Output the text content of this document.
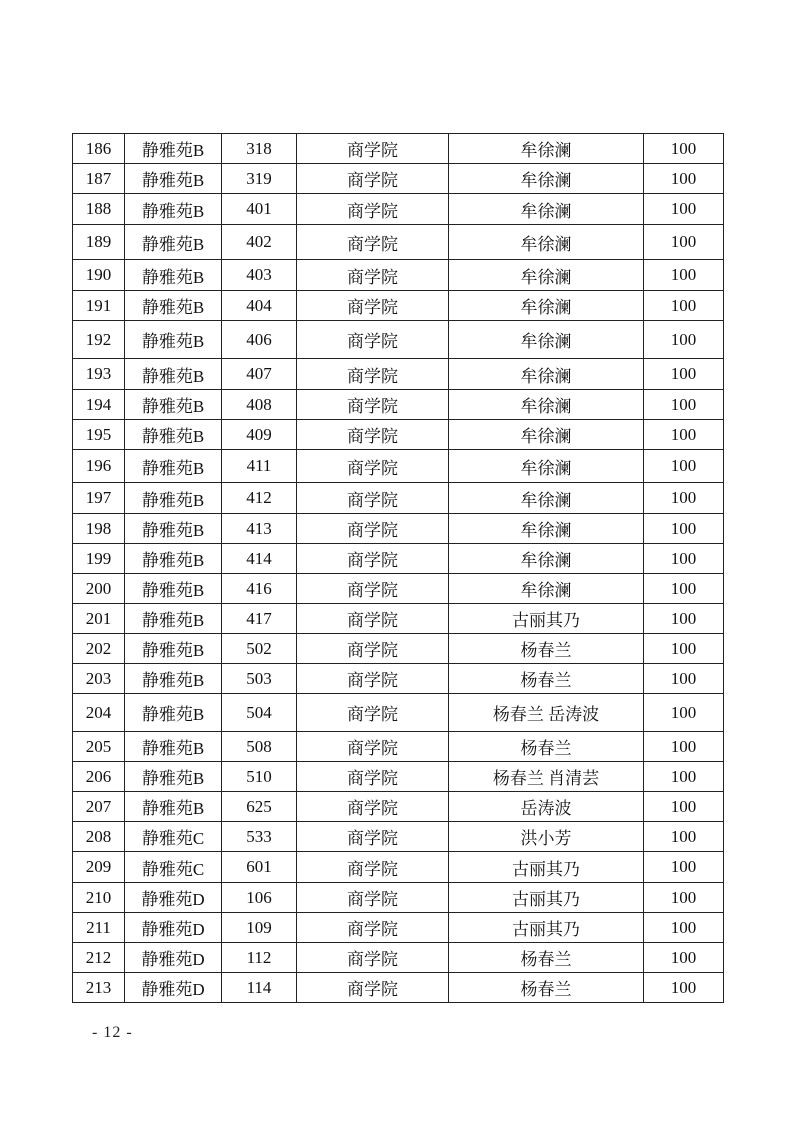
186	静雅苑B	318	商学院	牟徐澜	100
187	静雅苑B	319	商学院	牟徐澜	100
188	静雅苑B	401	商学院	牟徐澜	100
189	静雅苑B	402	商学院	牟徐澜	100
190	静雅苑B	403	商学院	牟徐澜	100
191	静雅苑B	404	商学院	牟徐澜	100
192	静雅苑B	406	商学院	牟徐澜	100
193	静雅苑B	407	商学院	牟徐澜	100
194	静雅苑B	408	商学院	牟徐澜	100
195	静雅苑B	409	商学院	牟徐澜	100
196	静雅苑B	411	商学院	牟徐澜	100
197	静雅苑B	412	商学院	牟徐澜	100
198	静雅苑B	413	商学院	牟徐澜	100
199	静雅苑B	414	商学院	牟徐澜	100
200	静雅苑B	416	商学院	牟徐澜	100
201	静雅苑B	417	商学院	古丽其乃	100
202	静雅苑B	502	商学院	杨春兰	100
203	静雅苑B	503	商学院	杨春兰	100
204	静雅苑B	504	商学院	杨春兰 岳涛波	100
205	静雅苑B	508	商学院	杨春兰	100
206	静雅苑B	510	商学院	杨春兰 肖清芸	100
207	静雅苑B	625	商学院	岳涛波	100
208	静雅苑C	533	商学院	洪小芳	100
209	静雅苑C	601	商学院	古丽其乃	100
210	静雅苑D	106	商学院	古丽其乃	100
211	静雅苑D	109	商学院	古丽其乃	100
212	静雅苑D	112	商学院	杨春兰	100
213	静雅苑D	114	商学院	杨春兰	100
- 12 -
